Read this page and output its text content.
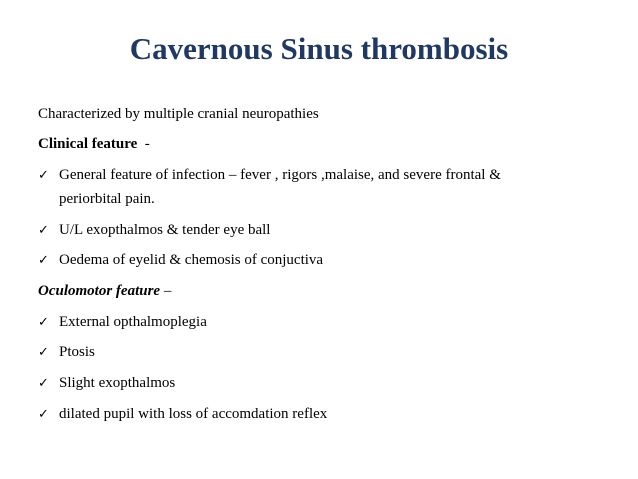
Cavernous Sinus thrombosis
Characterized by multiple cranial neuropathies
Clinical feature  -
✓ General feature of infection – fever , rigors ,malaise, and severe frontal &
periorbital pain.
✓ U/L exopthalmos & tender eye ball
✓ Oedema of eyelid & chemosis of conjuctiva
Oculomotor feature –
✓ External opthalmoplegia
✓ Ptosis
✓ Slight exopthalmos
✓ dilated pupil with loss of accomdation reflex
